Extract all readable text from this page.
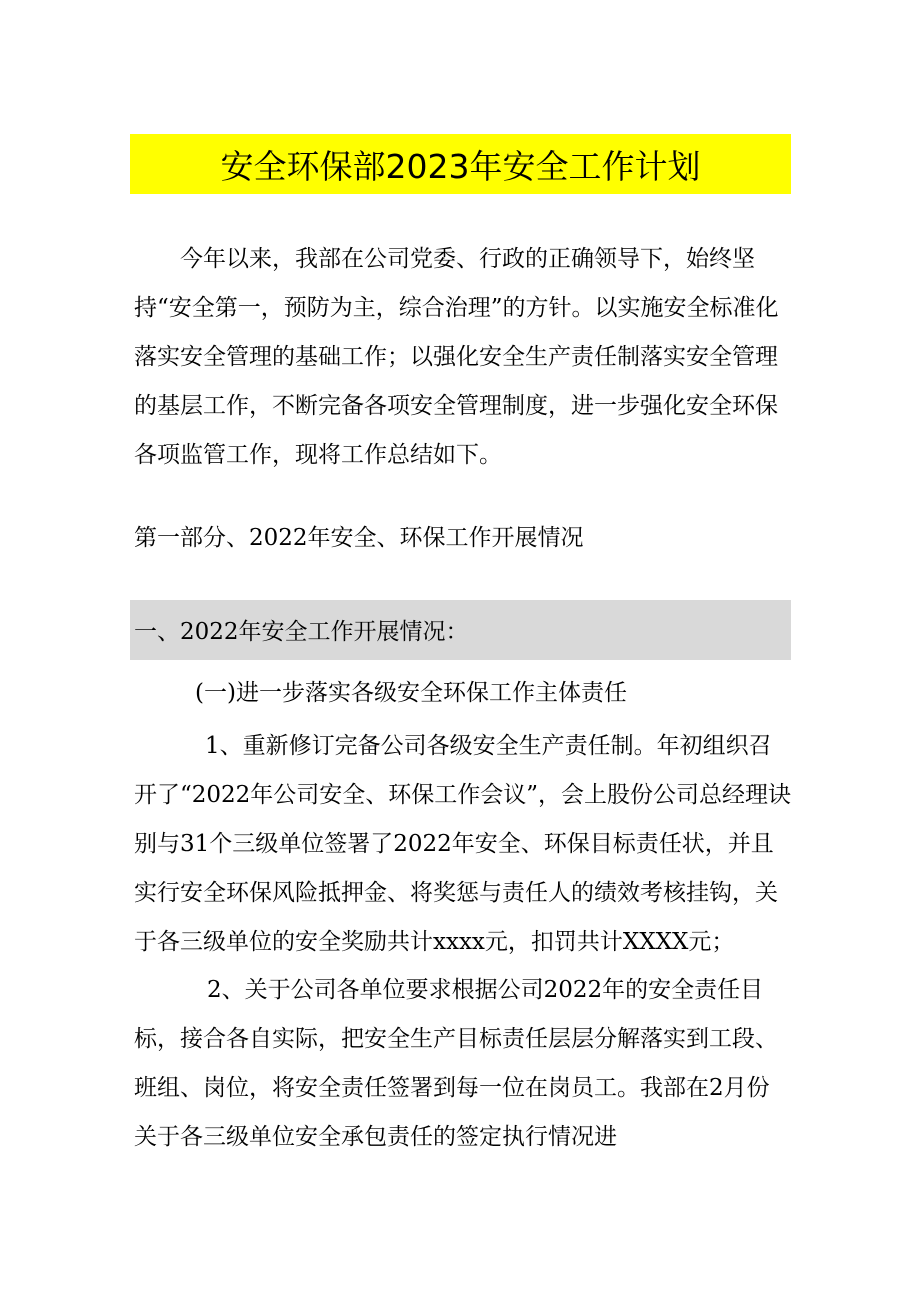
安全环保部2023年安全工作计划

今年以来，我部在公司党委、行政的正确领导下，始终坚持“安全第一，预防为主，综合治理”的方针。以实施安全标准化落实安全管理的基础工作；以强化安全生产责任制落实安全管理的基层工作，不断完备各项安全管理制度，进一步强化安全环保各项监管工作，现将工作总结如下。

第一部分、2022年安全、环保工作开展情况
一、2022年安全工作开展情况：
(一)进一步落实各级安全环保工作主体责任

1、重新修订完备公司各级安全生产责任制。年初组织召开了“2022年公司安全、环保工作会议”，会上股份公司总经理诀别与31个三级单位签署了2022年安全、环保目标责任状，并且实行安全环保风险抵押金、将奖惩与责任人的绩效考核挂钩，关于各三级单位的安全奖励共计xxxx元，扣罚共计XXXX元；

2、关于公司各单位要求根据公司2022年的安全责任目标，接合各自实际，把安全生产目标责任层层分解落实到工段、班组、岗位，将安全责任签署到每一位在岗员工。我部在2月份关于各三级单位安全承包责任的签定执行情况进
